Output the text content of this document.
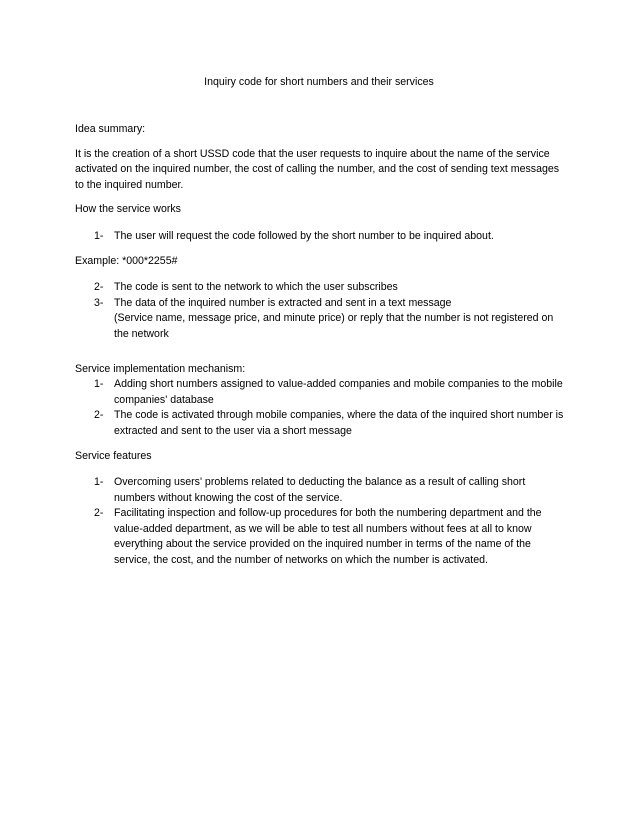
Inquiry code for short numbers and their services

Idea summary:

It is the creation of a short USSD code that the user requests to inquire about the name of the service activated on the inquired number, the cost of calling the number, and the cost of sending text messages to the inquired number.

How the service works

1- The user will request the code followed by the short number to be inquired about.

Example: *000*2255#

2- The code is sent to the network to which the user subscribes
3- The data of the inquired number is extracted and sent in a text message
(Service name, message price, and minute price) or reply that the number is not registered on the network

Service implementation mechanism:

1- Adding short numbers assigned to value-added companies and mobile companies to the mobile companies' database
2- The code is activated through mobile companies, where the data of the inquired short number is extracted and sent to the user via a short message

Service features

1- Overcoming users' problems related to deducting the balance as a result of calling short numbers without knowing the cost of the service.
2- Facilitating inspection and follow-up procedures for both the numbering department and the value-added department, as we will be able to test all numbers without fees at all to know everything about the service provided on the inquired number in terms of the name of the service, the cost, and the number of networks on which the number is activated.
